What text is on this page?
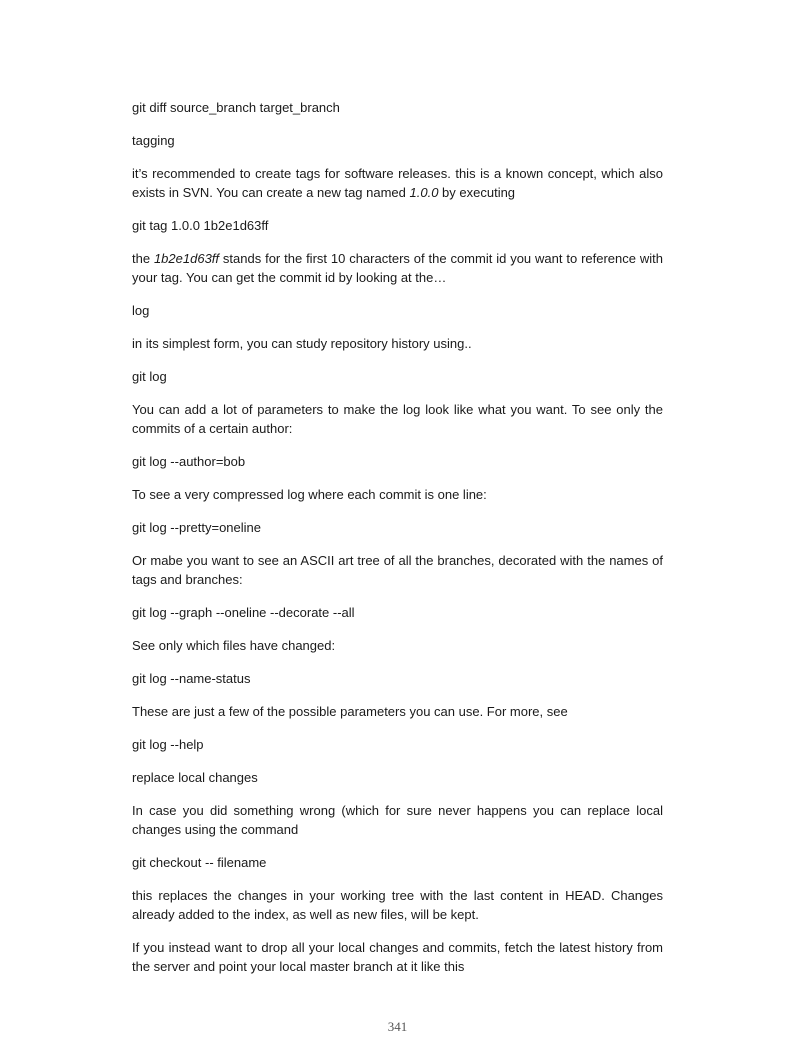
git diff source_branch target_branch

tagging

it’s recommended to create tags for software releases. this is a known concept, which also exists in SVN. You can create a new tag named 1.0.0 by executing

git tag 1.0.0 1b2e1d63ff

the 1b2e1d63ff stands for the first 10 characters of the commit id you want to reference with your tag. You can get the commit id by looking at the…

log

in its simplest form, you can study repository history using..

git log

You can add a lot of parameters to make the log look like what you want. To see only the commits of a certain author:

git log --author=bob

To see a very compressed log where each commit is one line:

git log --pretty=oneline

Or mabe you want to see an ASCII art tree of all the branches, decorated with the names of tags and branches:

git log --graph --oneline --decorate --all

See only which files have changed:

git log --name-status

These are just a few of the possible parameters you can use. For more, see

git log --help

replace local changes

In case you did something wrong (which for sure never happens you can replace local changes using the command

git checkout -- filename

this replaces the changes in your working tree with the last content in HEAD. Changes already added to the index, as well as new files, will be kept.

If you instead want to drop all your local changes and commits, fetch the latest history from the server and point your local master branch at it like this

341
